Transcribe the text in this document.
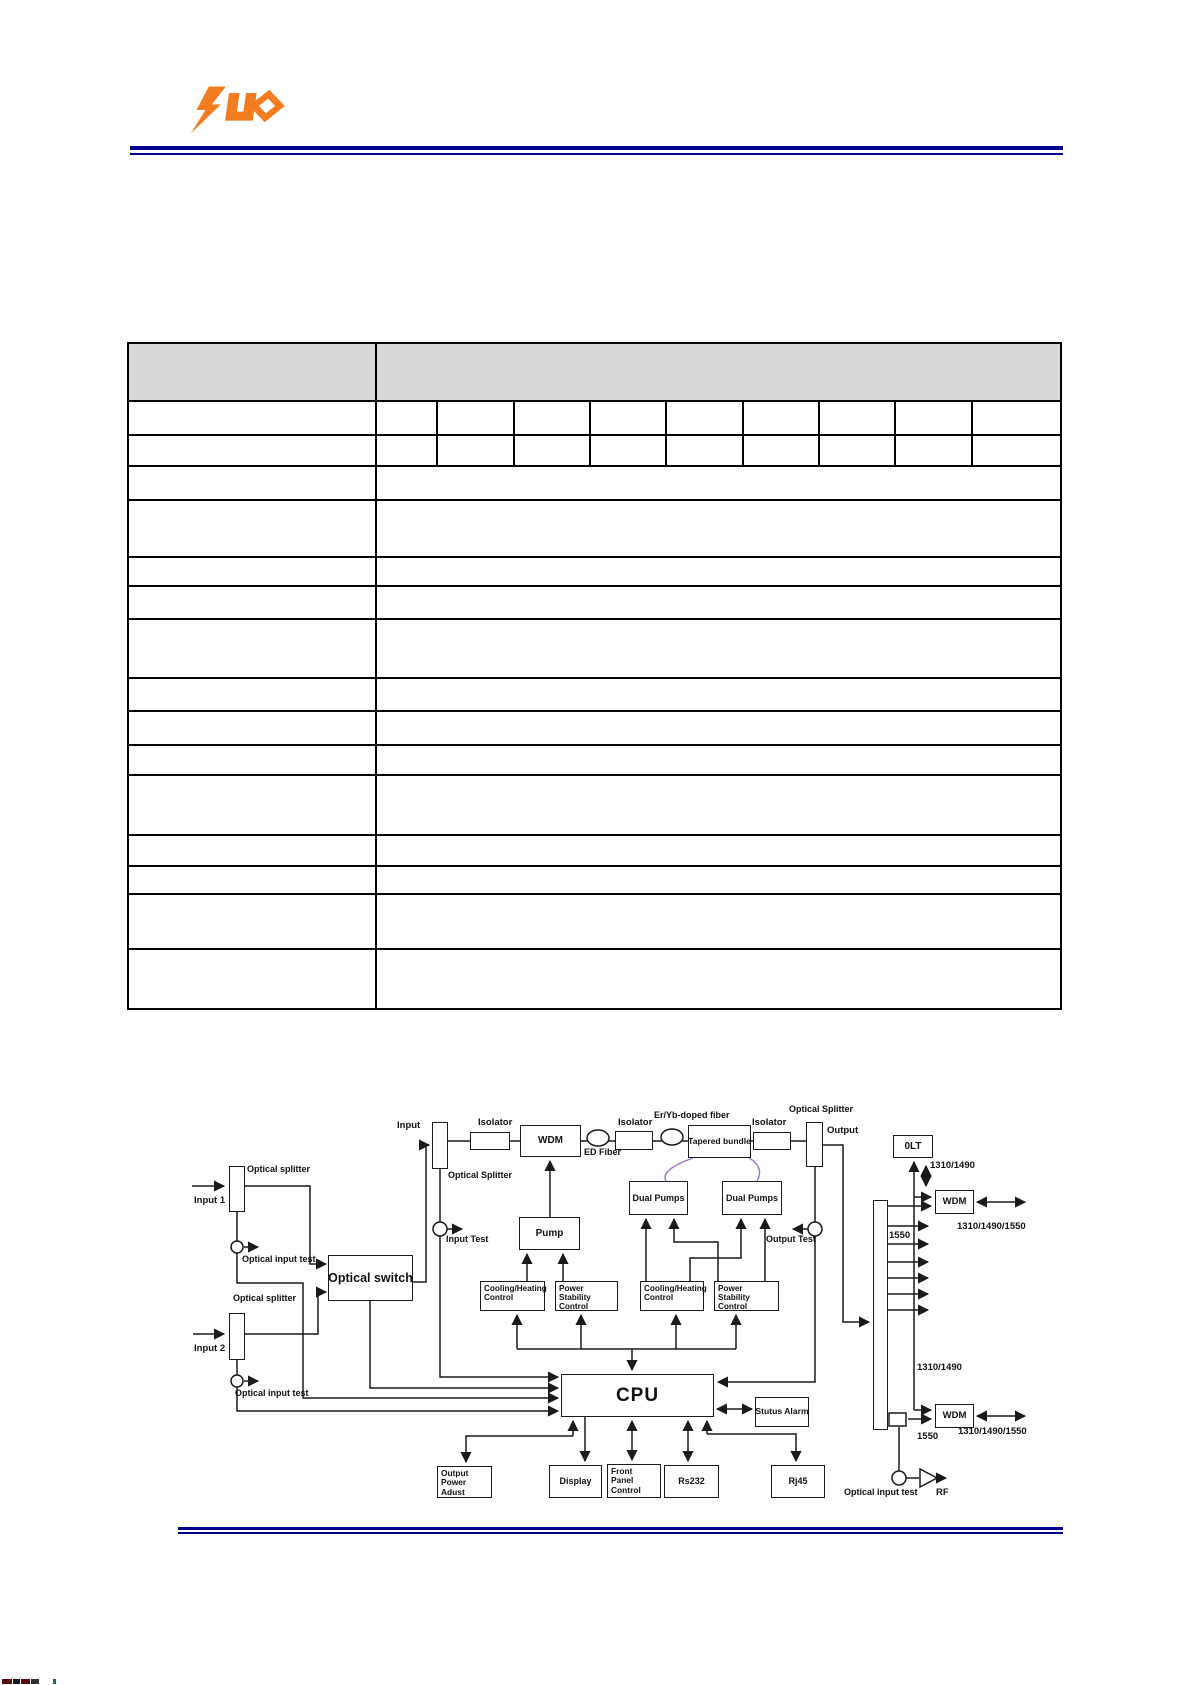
WDM	Tapered bundle
0LT
WDM
WDM
Dual Pumps	Dual Pumps
Pump
Cooling/Heating
Control
Power Stability
Control
Cooling/Heating
Control
Power Stability
Control
Optical switch
CPU
Stutus Alarm
Output Power
Adust
Display
Front Panel
Control
Rs232	Rj45
Input
Optical Splitter
Isolator
ED Fiber
Isolator
Er/Yb-doped fiber
Isolator
Optical Splitter
Output
1310/1490
Input Test	Output Test	1550
1310/1490/1550
1310/1490
1550 1310/1490/1550
Input 1
Optical splitter
Optical input test
Optical splitter
Input 2
Optical input test
Optical input test RF
